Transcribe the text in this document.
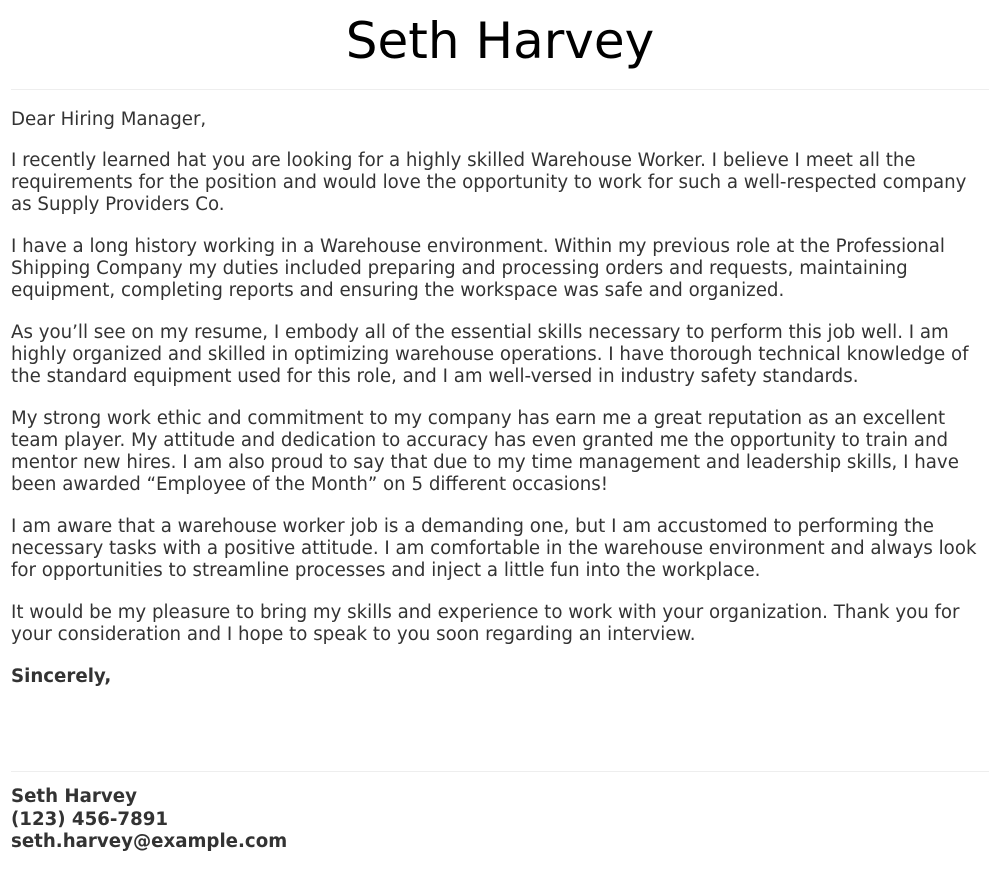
Seth Harvey

Dear Hiring Manager,

I recently learned hat you are looking for a highly skilled Warehouse Worker. I believe I meet all the requirements for the position and would love the opportunity to work for such a well-respected company as Supply Providers Co.

I have a long history working in a Warehouse environment. Within my previous role at the Professional Shipping Company my duties included preparing and processing orders and requests, maintaining equipment, completing reports and ensuring the workspace was safe and organized.

As you’ll see on my resume, I embody all of the essential skills necessary to perform this job well. I am highly organized and skilled in optimizing warehouse operations. I have thorough technical knowledge of the standard equipment used for this role, and I am well-versed in industry safety standards.

My strong work ethic and commitment to my company has earn me a great reputation as an excellent team player. My attitude and dedication to accuracy has even granted me the opportunity to train and mentor new hires. I am also proud to say that due to my time management and leadership skills, I have been awarded “Employee of the Month” on 5 different occasions!

I am aware that a warehouse worker job is a demanding one, but I am accustomed to performing the necessary tasks with a positive attitude. I am comfortable in the warehouse environment and always look for opportunities to streamline processes and inject a little fun into the workplace.

It would be my pleasure to bring my skills and experience to work with your organization. Thank you for your consideration and I hope to speak to you soon regarding an interview.

Sincerely,

Seth Harvey
(123) 456-7891
seth.harvey@example.com
